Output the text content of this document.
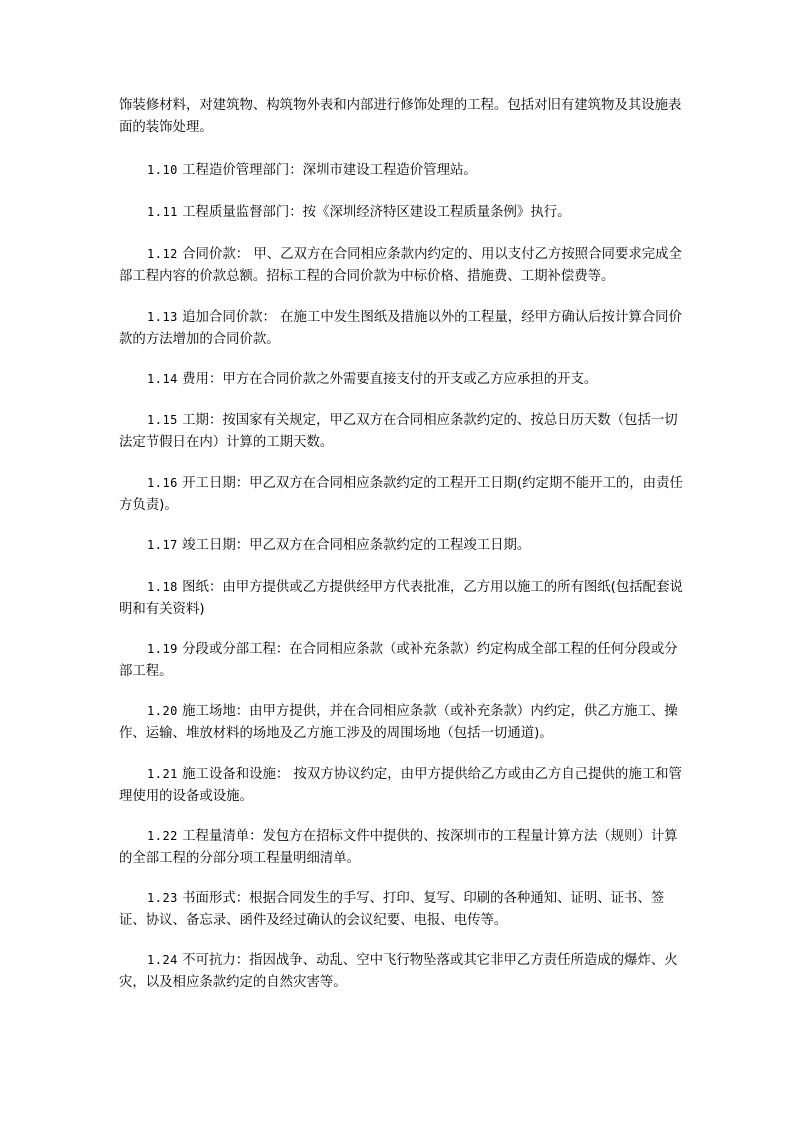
饰装修材料，对建筑物、构筑物外表和内部进行修饰处理的工程。包括对旧有建筑物及其设施表面的装饰处理。

1.10 工程造价管理部门：深圳市建设工程造价管理站。

1.11 工程质量监督部门：按《深圳经济特区建设工程质量条例》执行。

1.12 合同价款： 甲、乙双方在合同相应条款内约定的、用以支付乙方按照合同要求完成全部工程内容的价款总额。招标工程的合同价款为中标价格、措施费、工期补偿费等。

1.13 追加合同价款： 在施工中发生图纸及措施以外的工程量，经甲方确认后按计算合同价款的方法增加的合同价款。

1.14 费用：甲方在合同价款之外需要直接支付的开支或乙方应承担的开支。

1.15 工期：按国家有关规定，甲乙双方在合同相应条款约定的、按总日历天数（包括一切法定节假日在内）计算的工期天数。

1.16 开工日期：甲乙双方在合同相应条款约定的工程开工日期(约定期不能开工的，由责任方负责)。

1.17 竣工日期：甲乙双方在合同相应条款约定的工程竣工日期。

1.18 图纸：由甲方提供或乙方提供经甲方代表批准，乙方用以施工的所有图纸(包括配套说明和有关资料)

1.19 分段或分部工程：在合同相应条款（或补充条款）约定构成全部工程的任何分段或分部工程。

1.20 施工场地：由甲方提供，并在合同相应条款（或补充条款）内约定，供乙方施工、操作、运输、堆放材料的场地及乙方施工涉及的周围场地（包括一切通道)。

1.21 施工设备和设施： 按双方协议约定，由甲方提供给乙方或由乙方自己提供的施工和管理使用的设备或设施。

1.22 工程量清单：发包方在招标文件中提供的、按深圳市的工程量计算方法（规则）计算的全部工程的分部分项工程量明细清单。

1.23 书面形式：根据合同发生的手写、打印、复写、印刷的各种通知、证明、证书、签证、协议、备忘录、函件及经过确认的会议纪要、电报、电传等。

1.24 不可抗力：指因战争、动乱、空中飞行物坠落或其它非甲乙方责任所造成的爆炸、火灾，以及相应条款约定的自然灾害等。
